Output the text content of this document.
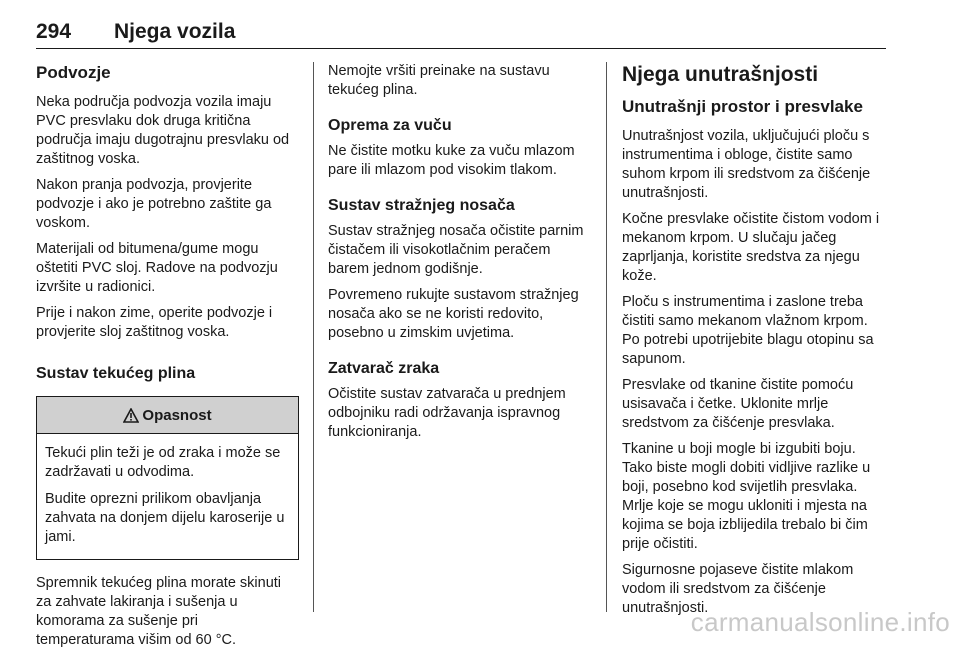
294	Njega vozila
Podvozje

Neka područja podvozja vozila imaju PVC presvlaku dok druga kritična područja imaju dugotrajnu presvlaku od zaštitnog voska.

Nakon pranja podvozja, provjerite podvozje i ako je potrebno zaštite ga voskom.

Materijali od bitumena/gume mogu oštetiti PVC sloj. Radove na podvozju izvršite u radionici.

Prije i nakon zime, operite podvozje i provjerite sloj zaštitnog voska.

Sustav tekućeg plina
Opasnost

Tekući plin teži je od zraka i može se zadržavati u odvodima.

Budite oprezni prilikom obavljanja zahvata na donjem dijelu karoserije u jami.

Spremnik tekućeg plina morate skinuti za zahvate lakiranja i sušenja u komorama za sušenje pri temperaturama višim od 60 °C.

Nemojte vršiti preinake na sustavu tekućeg plina.

Oprema za vuču

Ne čistite motku kuke za vuču mlazom pare ili mlazom pod visokim tlakom.

Sustav stražnjeg nosača

Sustav stražnjeg nosača očistite parnim čistačem ili visokotlačnim peračem barem jednom godišnje.

Povremeno rukujte sustavom stražnjeg nosača ako se ne koristi redovito, posebno u zimskim uvjetima.

Zatvarač zraka

Očistite sustav zatvarača u prednjem odbojniku radi održavanja ispravnog funkcioniranja.

Njega unutrašnjosti
Unutrašnji prostor i presvlake

Unutrašnjost vozila, uključujući ploču s instrumentima i obloge, čistite samo suhom krpom ili sredstvom za čišćenje unutrašnjosti.

Kočne presvlake očistite čistom vodom i mekanom krpom. U slučaju jačeg zaprljanja, koristite sredstva za njegu kože.

Ploču s instrumentima i zaslone treba čistiti samo mekanom vlažnom krpom. Po potrebi upotrijebite blagu otopinu sa sapunom.

Presvlake od tkanine čistite pomoću usisavača i četke. Uklonite mrlje sredstvom za čišćenje presvlaka.

Tkanine u boji mogle bi izgubiti boju. Tako biste mogli dobiti vidljive razlike u boji, posebno kod svijetlih presvlaka. Mrlje koje se mogu ukloniti i mjesta na kojima se boja izblijedila trebalo bi čim prije očistiti.

Sigurnosne pojaseve čistite mlakom vodom ili sredstvom za čišćenje unutrašnjosti.

carmanualsonline.info
